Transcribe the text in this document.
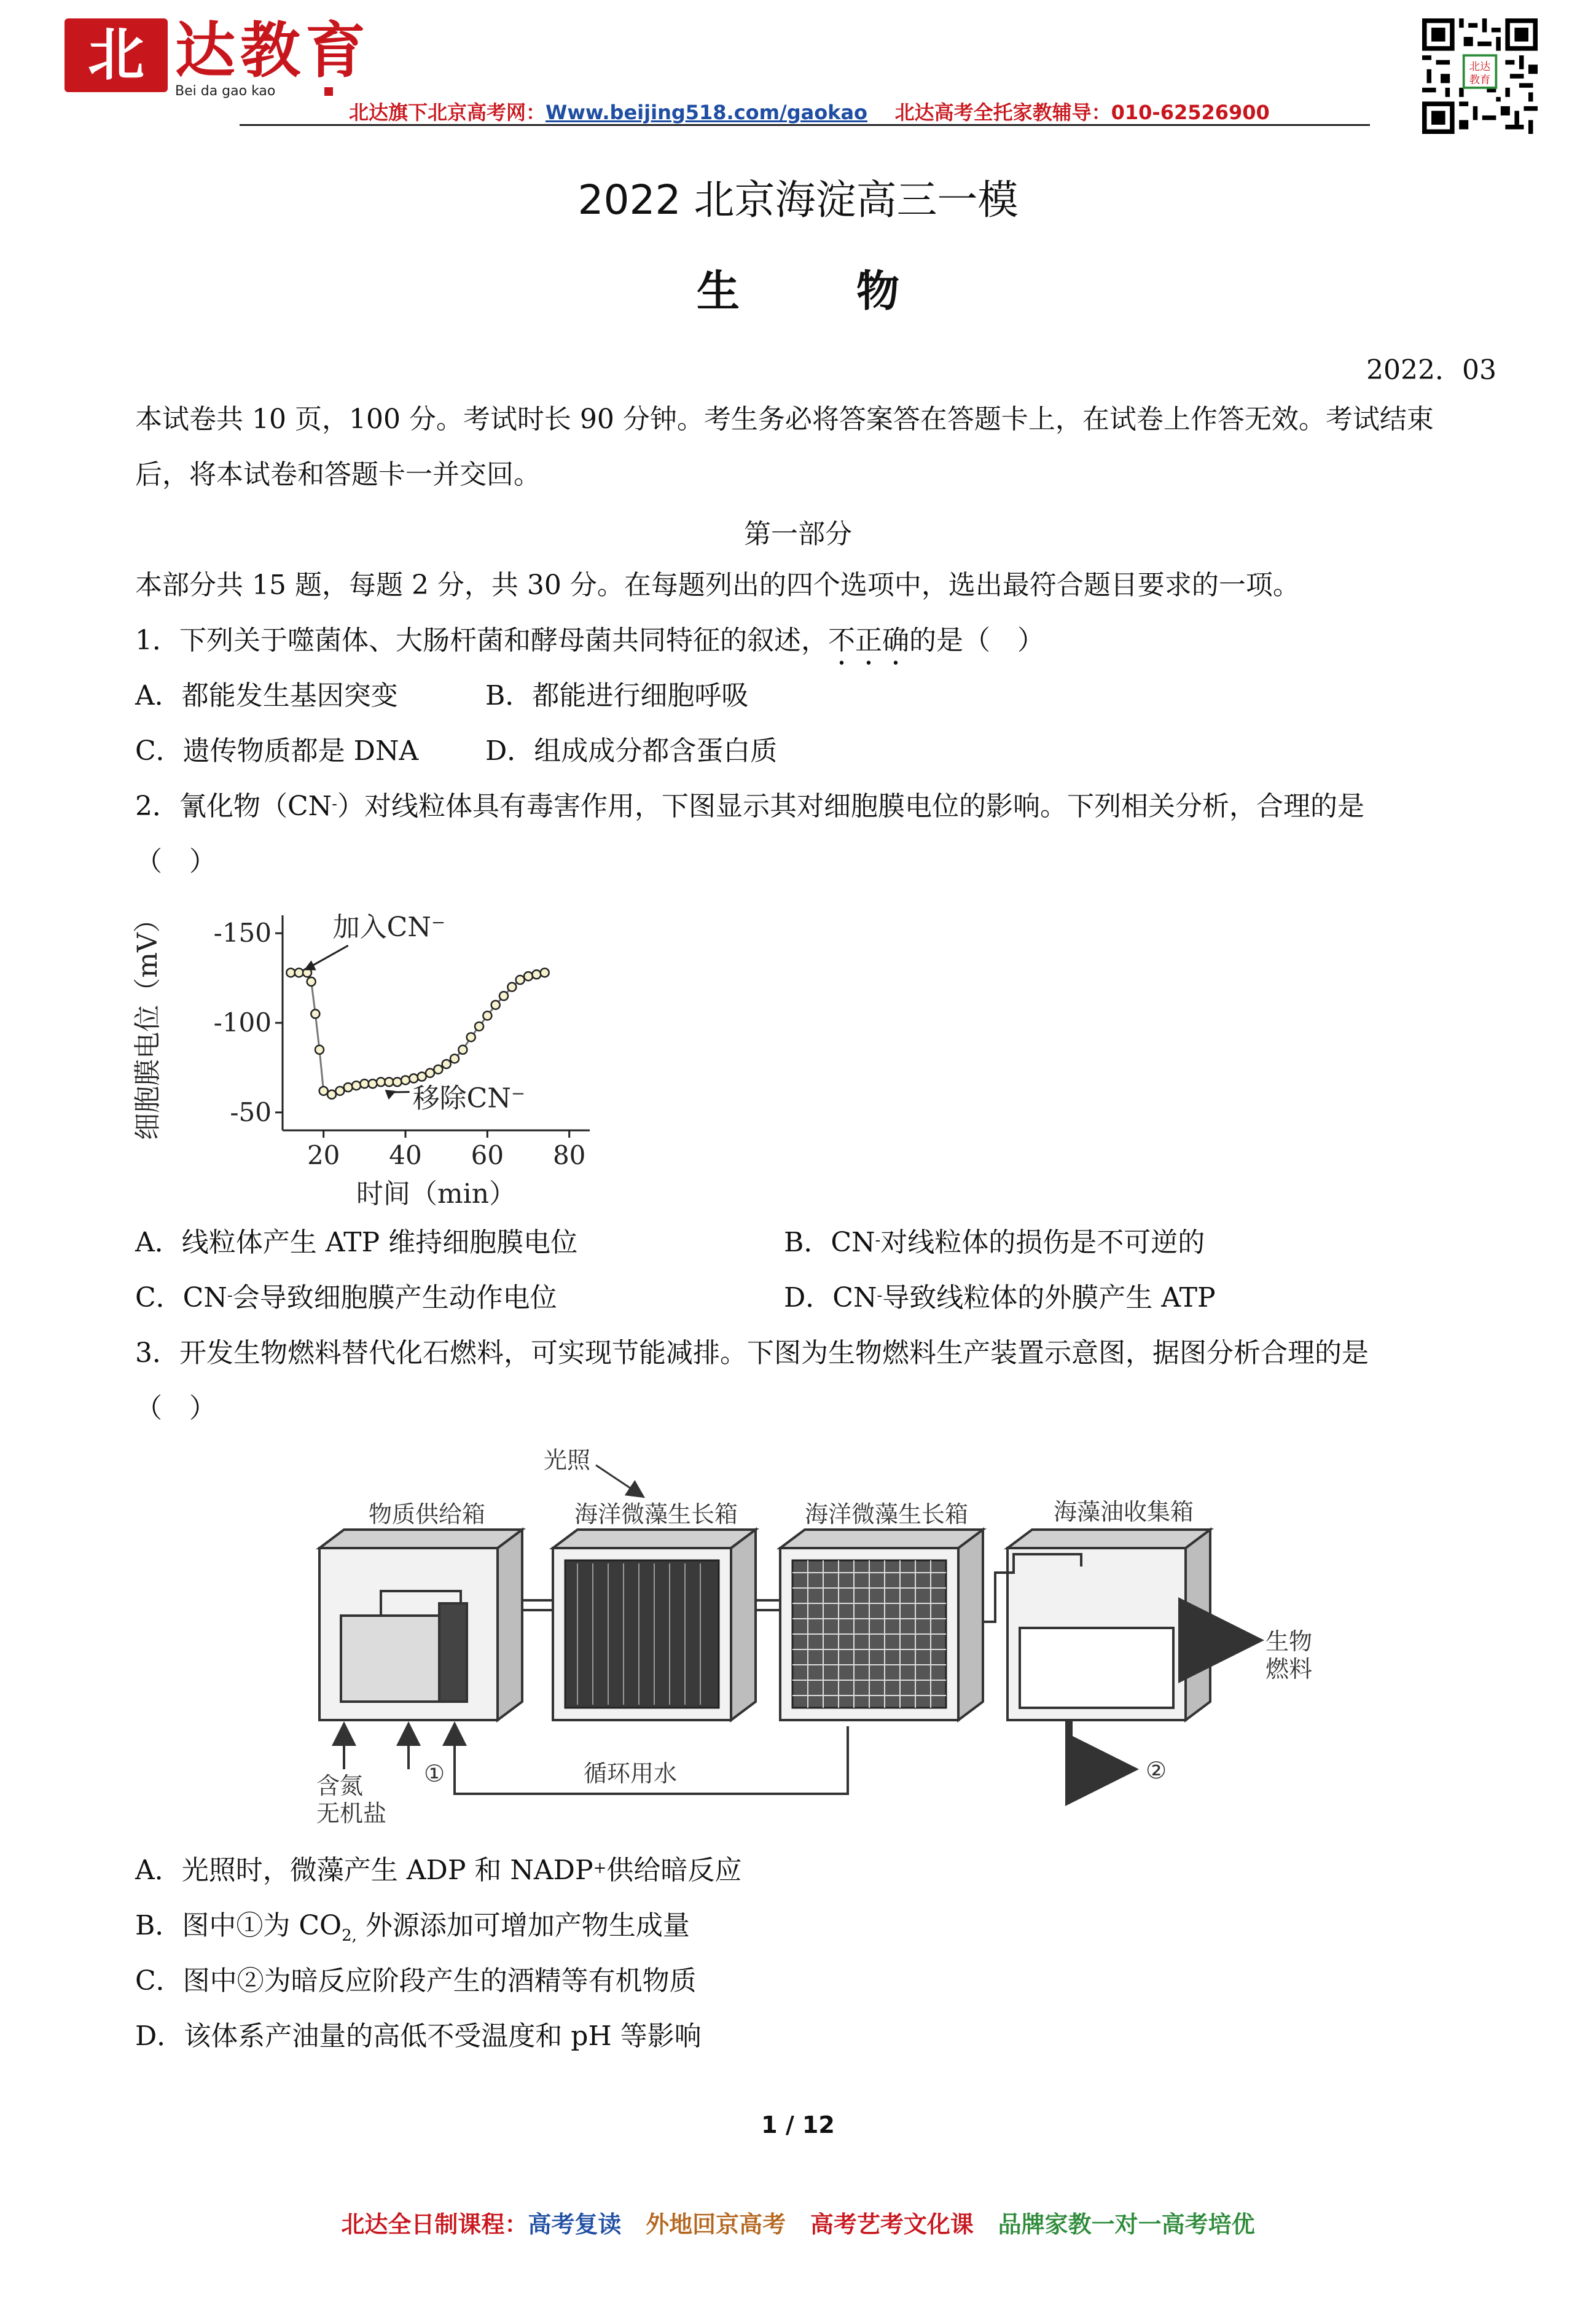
北 达教育
Bei da gao kao
北达旗下北京高考网：Www.beijing518.com/gaokao 北达高考全托家教辅导：010-62526900
北达
教育
2022 北京海淀高三一模
生物
2022．03
本试卷共 10 页，100 分。考试时长 90 分钟。考生务必将答案答在答题卡上，在试卷上作答无效。考试结束
后，将本试卷和答题卡一并交回。
第一部分
本部分共 15 题，每题 2 分，共 30 分。在每题列出的四个选项中，选出最符合题目要求的一项。
1．下列关于噬菌体、大肠杆菌和酵母菌共同特征的叙述，不正确的是（　）
A．都能发生基因突变	B．都能进行细胞呼吸
C．遗传物质都是 DNA D．组成成分都含蛋白质
2．氰化物（CN-）对线粒体具有毒害作用，下图显示其对细胞膜电位的影响。下列相关分析，合理的是
（　）
20 40 60 80
-150
-100
-50
时间（min）
细胞膜电位（mV）	加入CN⁻
移除CN⁻
A．线粒体产生 ATP 维持细胞膜电位	B．CN-对线粒体的损伤是不可逆的
C．CN-会导致细胞膜产生动作电位	D．CN-导致线粒体的外膜产生 ATP
3．开发生物燃料替代化石燃料，可实现节能减排。下图为生物燃料生产装置示意图，据图分析合理的是
（　）
光照
物质供给箱	海洋微藻生长箱	海洋微藻生长箱	海藻油收集箱
生物
燃料
②
含氮
无机盐
①	循环用水
A．光照时，微藻产生 ADP 和 NADP+供给暗反应
B．图中①为 $CO_{2,}$ 外源添加可增加产物生成量
C．图中②为暗反应阶段产生的酒精等有机物质
D．该体系产油量的高低不受温度和 pH 等影响
1 / 12
北达全日制课程：高考复读 外地回京高考 高考艺考文化课 品牌家教一对一高考培优
